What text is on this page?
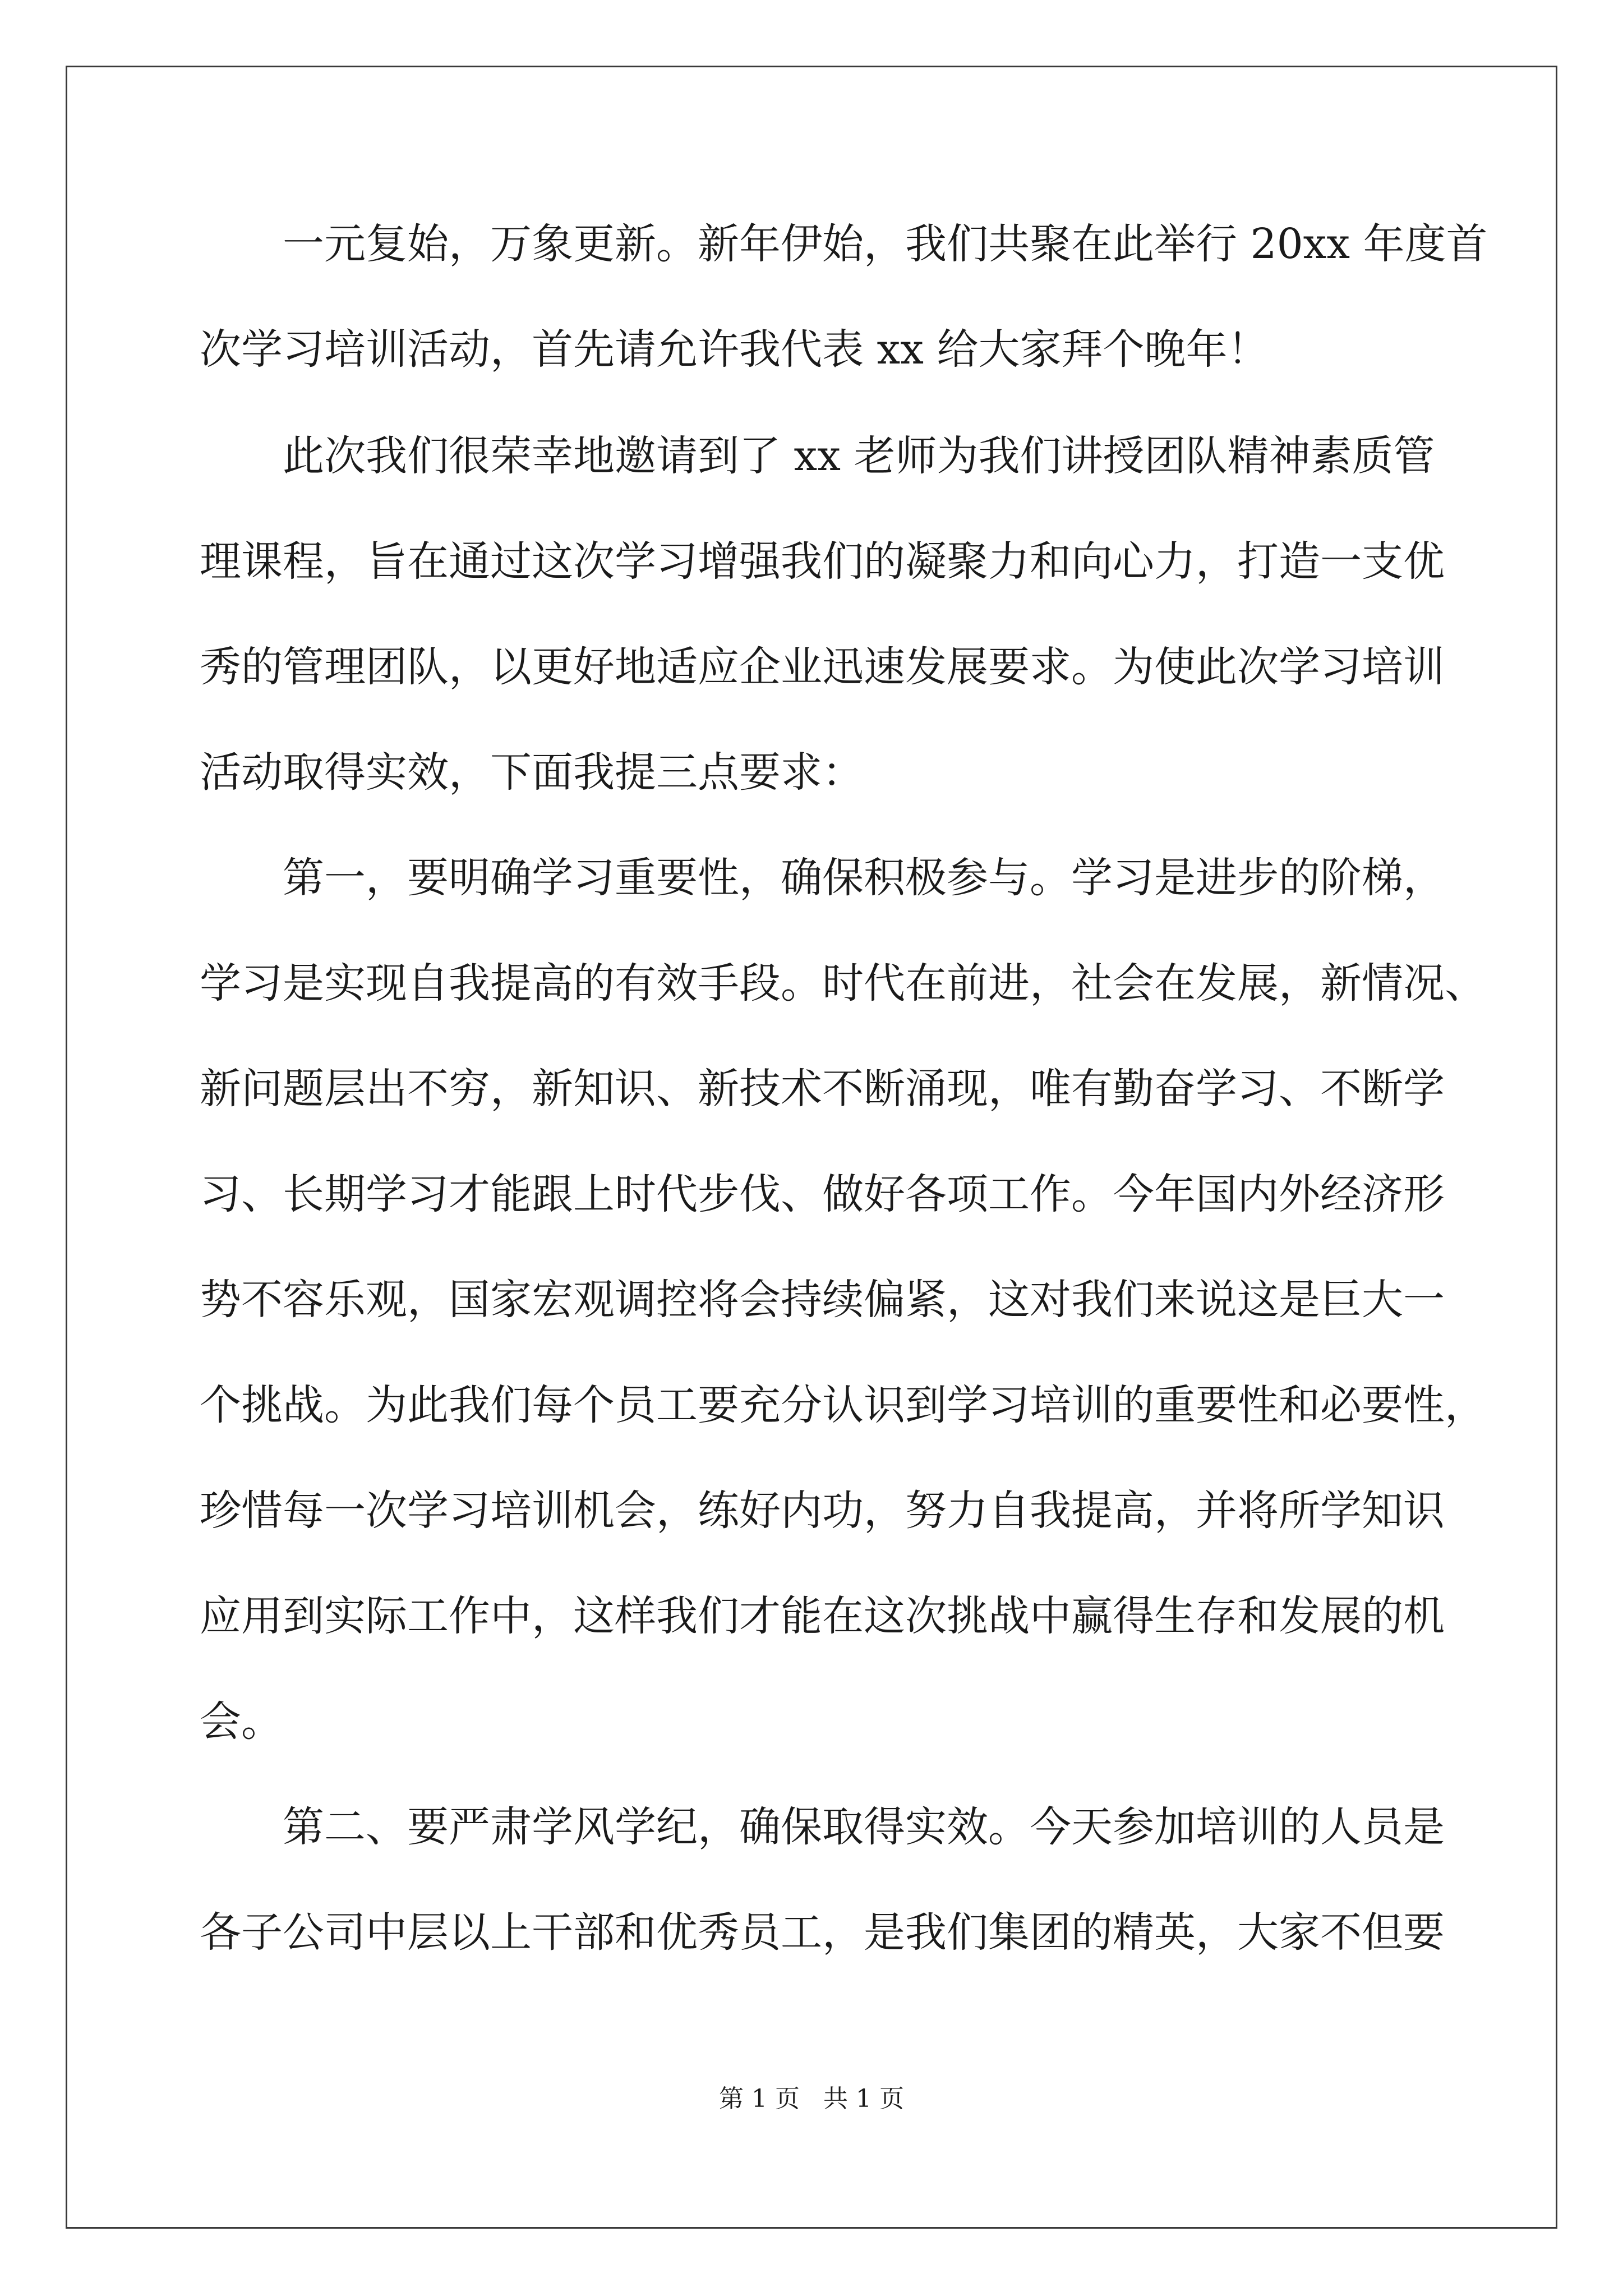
一元复始，万象更新。新年伊始，我们共聚在此举行 20xx 年度首
次学习培训活动，首先请允许我代表 xx 给大家拜个晚年！
此次我们很荣幸地邀请到了 xx 老师为我们讲授团队精神素质管
理课程，旨在通过这次学习增强我们的凝聚力和向心力，打造一支优
秀的管理团队，以更好地适应企业迅速发展要求。为使此次学习培训
活动取得实效，下面我提三点要求：
第一，要明确学习重要性，确保积极参与。学习是进步的阶梯，
学习是实现自我提高的有效手段。时代在前进，社会在发展，新情况、
新问题层出不穷，新知识、新技术不断涌现，唯有勤奋学习、不断学
习、长期学习才能跟上时代步伐、做好各项工作。今年国内外经济形
势不容乐观，国家宏观调控将会持续偏紧，这对我们来说这是巨大一
个挑战。为此我们每个员工要充分认识到学习培训的重要性和必要性，
珍惜每一次学习培训机会，练好内功，努力自我提高，并将所学知识
应用到实际工作中，这样我们才能在这次挑战中赢得生存和发展的机
会。
第二、要严肃学风学纪，确保取得实效。今天参加培训的人员是
各子公司中层以上干部和优秀员工，是我们集团的精英，大家不但要
第 1 页   共 1 页
